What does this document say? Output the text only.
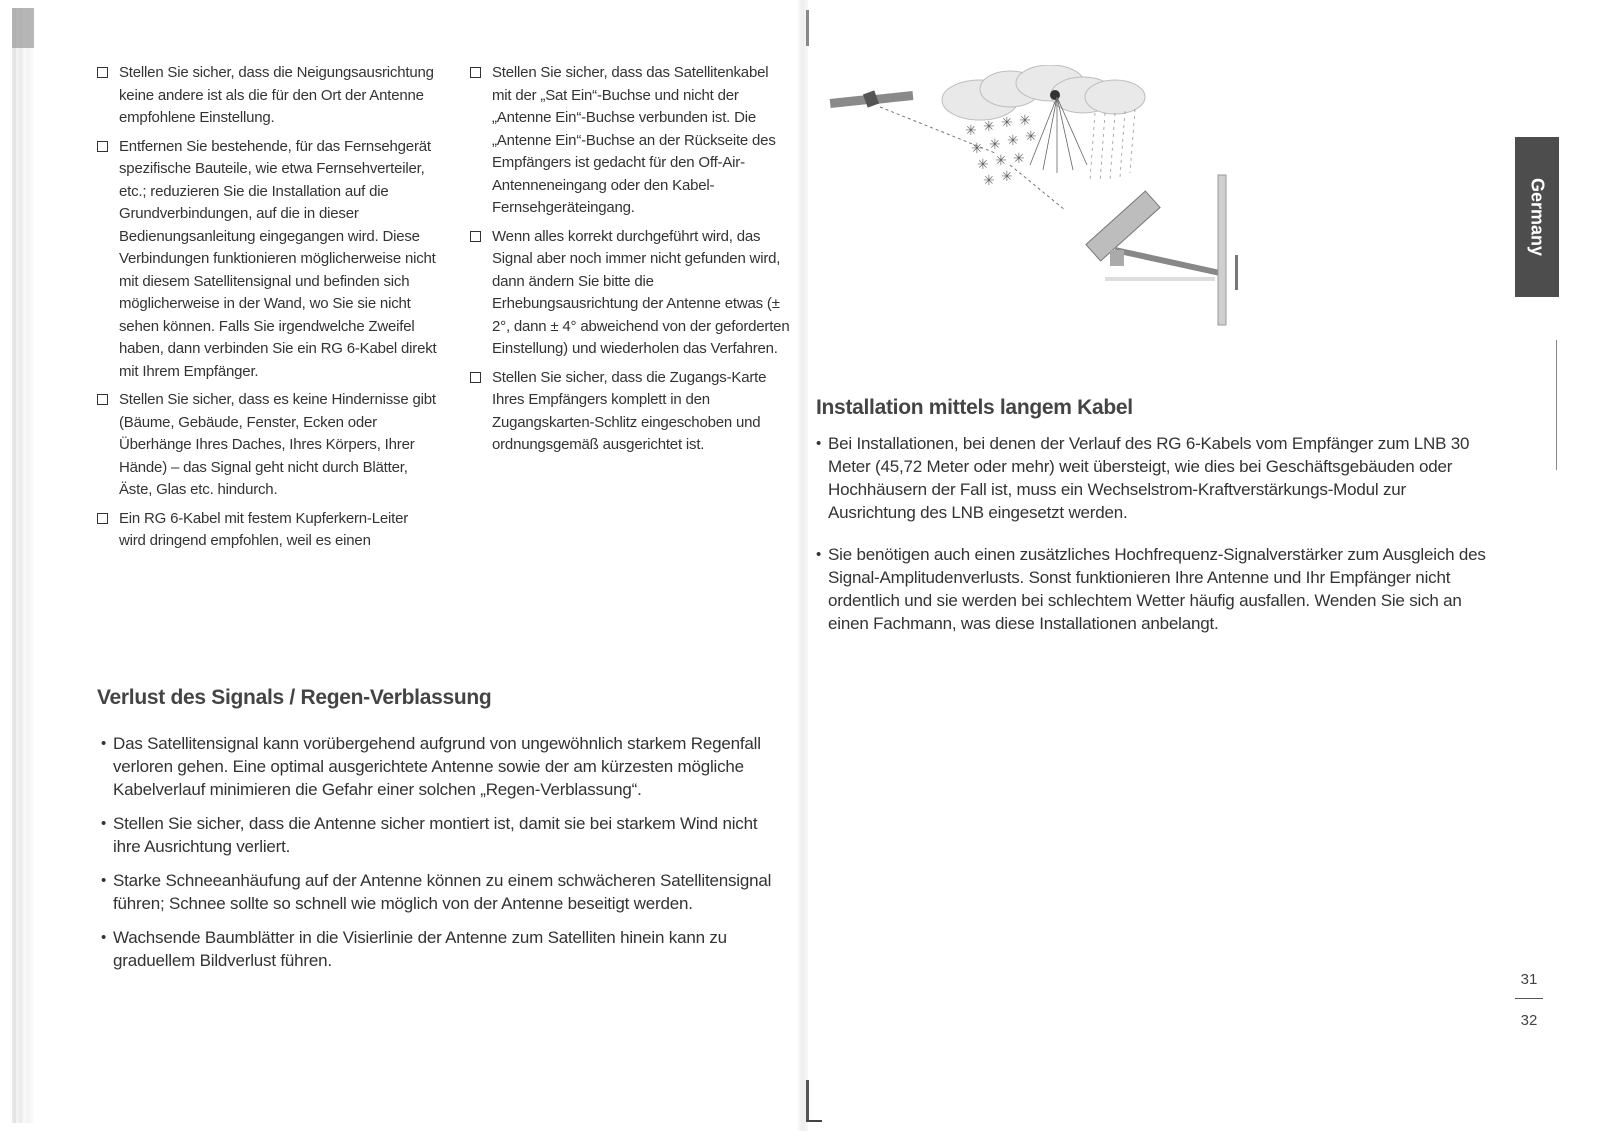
Stellen Sie sicher, dass die Neigungsausrichtung keine andere ist als die für den Ort der Antenne empfohlene Einstellung.
Entfernen Sie bestehende, für das Fernsehgerät spezifische Bauteile, wie etwa Fernsehverteiler, etc.; reduzieren Sie die Installation auf die Grundverbindungen, auf die in dieser Bedienungsanleitung eingegangen wird. Diese Verbindungen funktionieren möglicherweise nicht mit diesem Satellitensignal und befinden sich möglicherweise in der Wand, wo Sie sie nicht sehen können. Falls Sie irgendwelche Zweifel haben, dann verbinden Sie ein RG 6-Kabel direkt mit Ihrem Empfänger.
Stellen Sie sicher, dass es keine Hindernisse gibt (Bäume, Gebäude, Fenster, Ecken oder Überhänge Ihres Daches, Ihres Körpers, Ihrer Hände) – das Signal geht nicht durch Blätter, Äste, Glas etc. hindurch.
Ein RG 6-Kabel mit festem Kupferkern-Leiter wird dringend empfohlen, weil es einen
Stellen Sie sicher, dass das Satellitenkabel mit der „Sat Ein“-Buchse und nicht der „Antenne Ein“-Buchse verbunden ist. Die „Antenne Ein“-Buchse an der Rückseite des Empfängers ist gedacht für den Off-Air-Antenneneingang oder den Kabel-Fernsehgeräteingang.
Wenn alles korrekt durchgeführt wird, das Signal aber noch immer nicht gefunden wird, dann ändern Sie bitte die Erhebungsausrichtung der Antenne etwas (± 2°, dann ± 4° abweichend von der geforderten Einstellung) und wiederholen das Verfahren.
Stellen Sie sicher, dass die Zugangs-Karte Ihres Empfängers komplett in den Zugangskarten-Schlitz eingeschoben und ordnungsgemäß ausgerichtet ist.
Verlust des Signals / Regen-Verblassung
• Das Satellitensignal kann vorübergehend aufgrund von ungewöhnlich starkem Regenfall verloren gehen. Eine optimal ausgerichtete Antenne sowie der am kürzesten mögliche Kabelverlauf minimieren die Gefahr einer solchen „Regen-Verblassung“.
• Stellen Sie sicher, dass die Antenne sicher montiert ist, damit sie bei starkem Wind nicht ihre Ausrichtung verliert.
• Starke Schneeanhäufung auf der Antenne können zu einem schwächeren Satellitensignal führen; Schnee sollte so schnell wie möglich von der Antenne beseitigt werden.
• Wachsende Baumblätter in die Visierlinie der Antenne zum Satelliten hinein kann zu graduellem Bildverlust führen.
✳ ✳ ✳ ✳
✳ ✳ ✳ ✳
✳ ✳ ✳
✳ ✳
Installation mittels langem Kabel
• Bei Installationen, bei denen der Verlauf des RG 6-Kabels vom Empfänger zum LNB 30 Meter (45,72 Meter oder mehr) weit übersteigt, wie dies bei Geschäftsgebäuden oder Hochhäusern der Fall ist, muss ein Wechselstrom-Kraftverstärkungs-Modul zur Ausrichtung des LNB eingesetzt werden.
• Sie benötigen auch einen zusätzliches Hochfrequenz-Signalverstärker zum Ausgleich des Signal-Amplitudenverlusts. Sonst funktionieren Ihre Antenne und Ihr Empfänger nicht ordentlich und sie werden bei schlechtem Wetter häufig ausfallen. Wenden Sie sich an einen Fachmann, was diese Installationen anbelangt.
Germany
31
32
